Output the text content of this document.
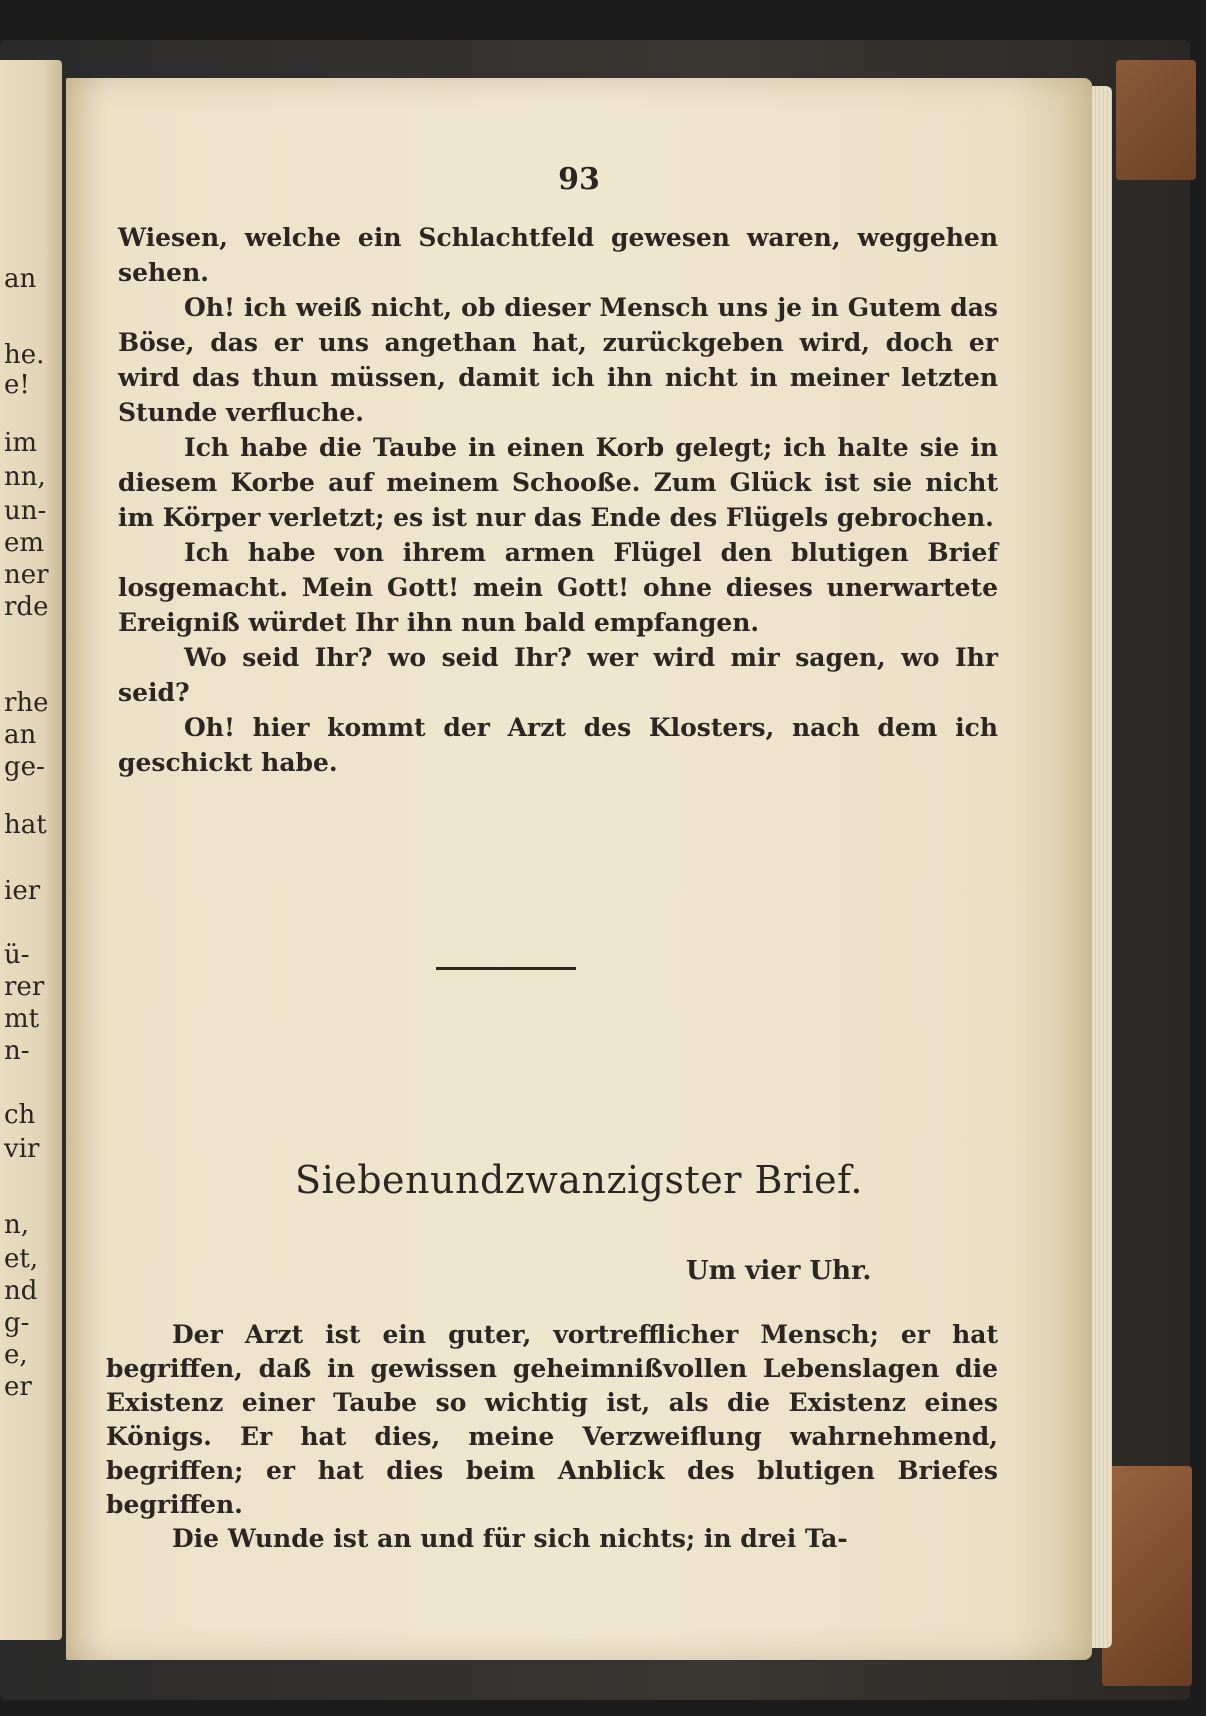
an
he.
e!
im
nn,
un-
em
ner
rde
rhe
an
ge-
hat
ier
ü-
rer
mt
n-
ch
vir
n,
et,
nd
g-
e,
er
93

Wiesen, welche ein Schlachtfeld gewesen waren, weggehen sehen.

Oh! ich weiß nicht, ob dieser Mensch uns je in Gutem das Böse, das er uns angethan hat, zurückgeben wird, doch er wird das thun müssen, damit ich ihn nicht in meiner letzten Stunde verfluche.

Ich habe die Taube in einen Korb gelegt; ich halte sie in diesem Korbe auf meinem Schooße. Zum Glück ist sie nicht im Körper verletzt; es ist nur das Ende des Flügels gebrochen.

Ich habe von ihrem armen Flügel den blutigen Brief losgemacht. Mein Gott! mein Gott! ohne dieses unerwartete Ereigniß würdet Ihr ihn nun bald empfangen.

Wo seid Ihr? wo seid Ihr? wer wird mir sagen, wo Ihr seid?

Oh! hier kommt der Arzt des Klosters, nach dem ich geschickt habe.

Siebenundzwanzigster Brief.
Um vier Uhr.

Der Arzt ist ein guter, vortrefflicher Mensch; er hat begriffen, daß in gewissen geheimnißvollen Lebenslagen die Existenz einer Taube so wichtig ist, als die Existenz eines Königs. Er hat dies, meine Verzweiflung wahrnehmend, begriffen; er hat dies beim Anblick des blutigen Briefes begriffen.

Die Wunde ist an und für sich nichts; in drei Ta-
